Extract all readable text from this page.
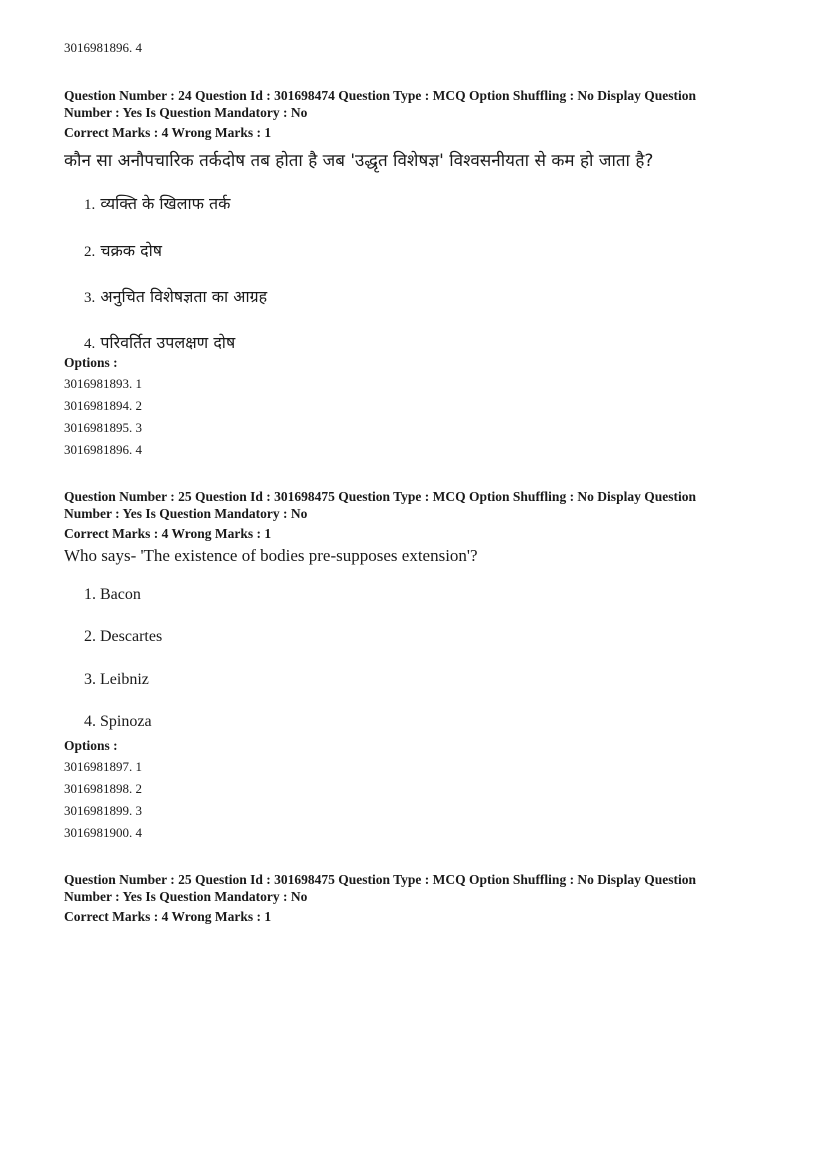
3016981896. 4
Question Number : 24 Question Id : 301698474 Question Type : MCQ Option Shuffling : No Display Question
Number : Yes Is Question Mandatory : No
Correct Marks : 4 Wrong Marks : 1
कौन सा अनौपचारिक तर्कदोष तब होता है जब 'उद्धृत विशेषज्ञ' विश्वसनीयता से कम हो जाता है?
1. व्यक्ति के खिलाफ तर्क
2. चक्रक दोष
3. अनुचित विशेषज्ञता का आग्रह
4. परिवर्तित उपलक्षण दोष
Options :
3016981893. 1
3016981894. 2
3016981895. 3
3016981896. 4
Question Number : 25 Question Id : 301698475 Question Type : MCQ Option Shuffling : No Display Question
Number : Yes Is Question Mandatory : No
Correct Marks : 4 Wrong Marks : 1
Who says- 'The existence of bodies pre-supposes extension'?
1. Bacon
2. Descartes
3. Leibniz
4. Spinoza
Options :
3016981897. 1
3016981898. 2
3016981899. 3
3016981900. 4
Question Number : 25 Question Id : 301698475 Question Type : MCQ Option Shuffling : No Display Question
Number : Yes Is Question Mandatory : No
Correct Marks : 4 Wrong Marks : 1
